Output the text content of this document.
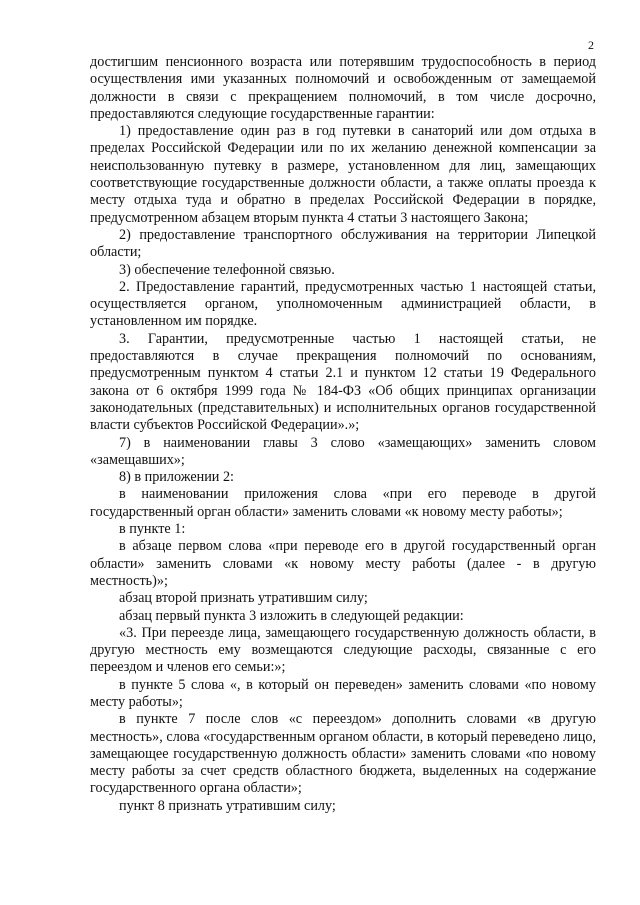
2

достигшим пенсионного возраста или потерявшим трудоспособность в период осуществления ими указанных полномочий и освобожденным от замещаемой должности в связи с прекращением полномочий, в том числе досрочно, предоставляются следующие государственные гарантии:

1) предоставление один раз в год путевки в санаторий или дом отдыха в пределах Российской Федерации или по их желанию денежной компенсации за неиспользованную путевку в размере, установленном для лиц, замещающих соответствующие государственные должности области, а также оплаты проезда к месту отдыха туда и обратно в пределах Российской Федерации в порядке, предусмотренном абзацем вторым пункта 4 статьи 3 настоящего Закона;

2) предоставление транспортного обслуживания на территории Липецкой области;

3) обеспечение телефонной связью.

2. Предоставление гарантий, предусмотренных частью 1 настоящей статьи, осуществляется органом, уполномоченным администрацией области, в установленном им порядке.

3. Гарантии, предусмотренные частью 1 настоящей статьи, не предоставляются в случае прекращения полномочий по основаниям, предусмотренным пунктом 4 статьи 2.1 и пунктом 12 статьи 19 Федерального закона от 6 октября 1999 года № 184-ФЗ «Об общих принципах организации законодательных (представительных) и исполнительных органов государственной власти субъектов Российской Федерации».»;

7) в наименовании главы 3 слово «замещающих» заменить словом «замещавших»;

8) в приложении 2:

в наименовании приложения слова «при его переводе в другой государственный орган области» заменить словами «к новому месту работы»;

в пункте 1:

в абзаце первом слова «при переводе его в другой государственный орган области» заменить словами «к новому месту работы (далее - в другую местность)»;

абзац второй признать утратившим силу;

абзац первый пункта 3 изложить в следующей редакции:

«3. При переезде лица, замещающего государственную должность области, в другую местность ему возмещаются следующие расходы, связанные с его переездом и членов его семьи:»;

в пункте 5 слова «, в который он переведен» заменить словами «по новому месту работы»;

в пункте 7 после слов «с переездом» дополнить словами «в другую местность», слова «государственным органом области, в который переведено лицо, замещающее государственную должность области» заменить словами «по новому месту работы за счет средств областного бюджета, выделенных на содержание государственного органа области»;

пункт 8 признать утратившим силу;
